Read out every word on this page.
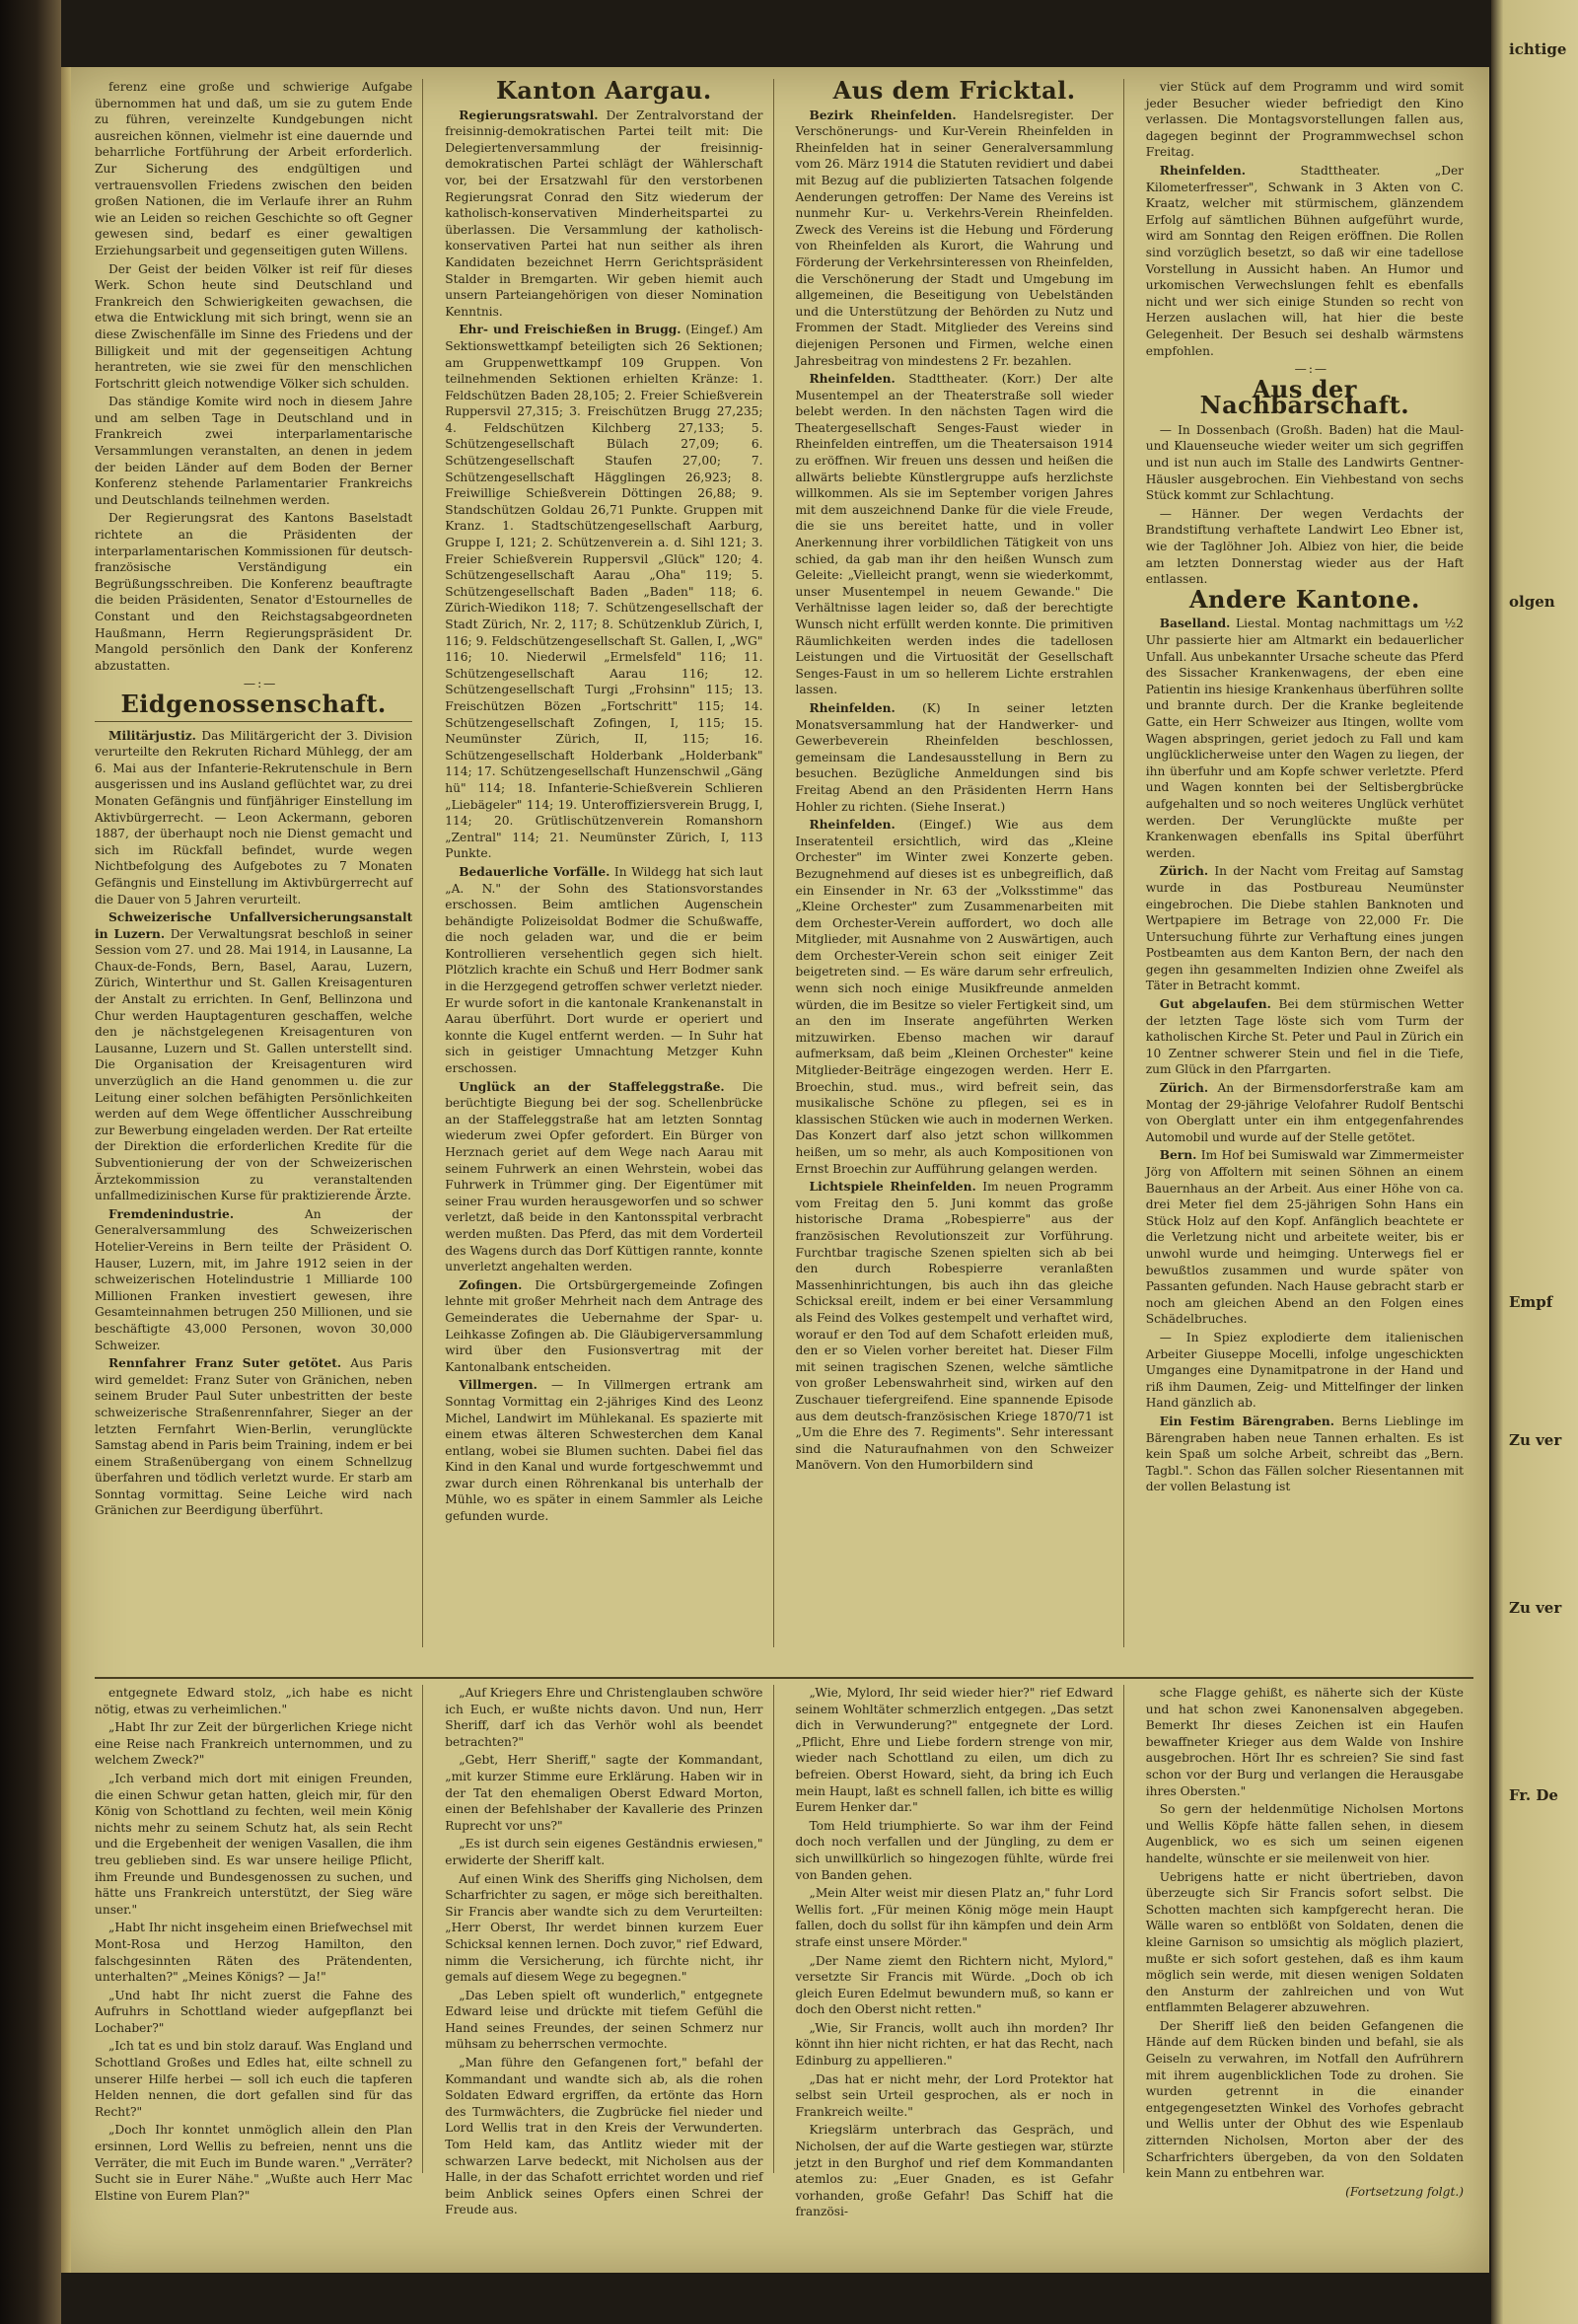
ichtige

olgen

Empf

Zu ver

Zu ver

Fr. De

ferenz eine große und schwierige Aufgabe übernommen hat und daß, um sie zu gutem Ende zu führen, vereinzelte Kundgebungen nicht ausreichen können, vielmehr ist eine dauernde und beharrliche Fortführung der Arbeit erforderlich. Zur Sicherung des endgültigen und vertrauensvollen Friedens zwischen den beiden großen Nationen, die im Verlaufe ihrer an Ruhm wie an Leiden so reichen Geschichte so oft Gegner gewesen sind, bedarf es einer gewaltigen Erziehungsarbeit und gegenseitigen guten Willens.

Der Geist der beiden Völker ist reif für dieses Werk. Schon heute sind Deutschland und Frankreich den Schwierigkeiten gewachsen, die etwa die Entwicklung mit sich bringt, wenn sie an diese Zwischenfälle im Sinne des Friedens und der Billigkeit und mit der gegenseitigen Achtung herantreten, wie sie zwei für den menschlichen Fortschritt gleich notwendige Völker sich schulden.

Das ständige Komite wird noch in diesem Jahre und am selben Tage in Deutschland und in Frankreich zwei interparlamentarische Versammlungen veranstalten, an denen in jedem der beiden Länder auf dem Boden der Berner Konferenz stehende Parlamentarier Frankreichs und Deutschlands teilnehmen werden.

Der Regierungsrat des Kantons Baselstadt richtete an die Präsidenten der interparlamentarischen Kommissionen für deutsch-französische Verständigung ein Begrüßungsschreiben. Die Konferenz beauftragte die beiden Präsidenten, Senator d'Estournelles de Constant und den Reichstagsabgeordneten Haußmann, Herrn Regierungspräsident Dr. Mangold persönlich den Dank der Konferenz abzustatten.

—:—

Eidgenossenschaft.

Militärjustiz. Das Militärgericht der 3. Division verurteilte den Rekruten Richard Mühlegg, der am 6. Mai aus der Infanterie-Rekrutenschule in Bern ausgerissen und ins Ausland geflüchtet war, zu drei Monaten Gefängnis und fünfjähriger Einstellung im Aktivbürgerrecht. — Leon Ackermann, geboren 1887, der überhaupt noch nie Dienst gemacht und sich im Rückfall befindet, wurde wegen Nichtbefolgung des Aufgebotes zu 7 Monaten Gefängnis und Einstellung im Aktivbürgerrecht auf die Dauer von 5 Jahren verurteilt.

Schweizerische Unfallversicherungsanstalt in Luzern. Der Verwaltungsrat beschloß in seiner Session vom 27. und 28. Mai 1914, in Lausanne, La Chaux-de-Fonds, Bern, Basel, Aarau, Luzern, Zürich, Winterthur und St. Gallen Kreisagenturen der Anstalt zu errichten. In Genf, Bellinzona und Chur werden Hauptagenturen geschaffen, welche den je nächstgelegenen Kreisagenturen von Lausanne, Luzern und St. Gallen unterstellt sind. Die Organisation der Kreisagenturen wird unverzüglich an die Hand genommen u. die zur Leitung einer solchen befähigten Persönlichkeiten werden auf dem Wege öffentlicher Ausschreibung zur Bewerbung eingeladen werden. Der Rat erteilte der Direktion die erforderlichen Kredite für die Subventionierung der von der Schweizerischen Ärztekommission zu veranstaltenden unfallmedizinischen Kurse für praktizierende Ärzte.

Fremdenindustrie.	An der Generalversammlung des Schweizerischen Hotelier-Vereins in Bern teilte der Präsident O. Hauser, Luzern, mit, im Jahre 1912 seien in der schweizerischen Hotelindustrie 1 Milliarde 100 Millionen Franken investiert gewesen, ihre Gesamteinnahmen betrugen 250 Millionen, und sie beschäftigte 43,000 Personen, wovon 30,000 Schweizer.

Rennfahrer Franz Suter getötet. Aus Paris wird gemeldet: Franz Suter von Gränichen, neben seinem Bruder Paul Suter unbestritten der beste schweizerische Straßenrennfahrer, Sieger an der letzten Fernfahrt Wien-Berlin, verunglückte Samstag abend in Paris beim Training, indem er bei einem Straßenübergang von einem Schnellzug überfahren und tödlich verletzt wurde. Er starb am Sonntag vormittag. Seine Leiche wird nach Gränichen zur Beerdigung überführt.

Kanton Aargau.

Regierungsratswahl. Der Zentralvorstand der freisinnig-demokratischen Partei teilt mit: Die Delegiertenversammlung der freisinnig-demokratischen Partei schlägt der Wählerschaft vor, bei der Ersatzwahl für den verstorbenen Regierungsrat Conrad den Sitz wiederum der katholisch-konservativen Minderheitspartei zu überlassen. Die Versammlung der katholisch-konservativen Partei hat nun seither als ihren Kandidaten bezeichnet Herrn Gerichtspräsident Stalder in Bremgarten. Wir geben hiemit auch unsern Parteiangehörigen von dieser Nomination Kenntnis.

Ehr- und Freischießen in Brugg. (Eingef.) Am Sektionswettkampf beteiligten sich 26 Sektionen; am Gruppenwettkampf 109 Gruppen. Von teilnehmenden Sektionen erhielten Kränze: 1. Feldschützen Baden 28,105; 2. Freier Schießverein Ruppersvil 27,315; 3. Freischützen Brugg 27,235; 4. Feldschützen Kilchberg 27,133; 5. Schützengesellschaft Bülach 27,09; 6. Schützengesellschaft Staufen 27,00; 7. Schützengesellschaft Hägglingen 26,923; 8. Freiwillige Schießverein Döttingen 26,88; 9. Standschützen Goldau 26,71 Punkte. Gruppen mit Kranz. 1. Stadtschützengesellschaft Aarburg, Gruppe I, 121; 2. Schützenverein a. d. Sihl 121; 3. Freier Schießverein Ruppersvil „Glück" 120; 4. Schützengesellschaft Aarau „Oha" 119; 5. Schützengesellschaft Baden „Baden" 118; 6. Zürich-Wiedikon 118; 7. Schützengesellschaft der Stadt Zürich, Nr. 2, 117; 8. Schützenklub Zürich, I, 116; 9. Feldschützengesellschaft St. Gallen, I, „WG" 116; 10. Niederwil „Ermelsfeld" 116; 11. Schützengesellschaft Aarau 116; 12. Schützengesellschaft Turgi „Frohsinn" 115; 13. Freischützen Bözen „Fortschritt" 115; 14. Schützengesellschaft Zofingen, I, 115; 15. Neumünster Zürich, II, 115; 16. Schützengesellschaft Holderbank „Holderbank" 114; 17. Schützengesellschaft Hunzenschwil „Gäng hü" 114; 18. Infanterie-Schießverein Schlieren „Liebägeler" 114; 19. Unteroffiziersverein Brugg, I, 114; 20. Grütlischützenverein Romanshorn „Zentral" 114; 21. Neumünster Zürich, I, 113 Punkte.

Bedauerliche Vorfälle. In Wildegg hat sich laut „A. N." der Sohn des Stationsvorstandes erschossen. Beim amtlichen Augenschein behändigte Polizeisoldat Bodmer die Schußwaffe, die noch geladen war, und die er beim Kontrollieren versehentlich gegen sich hielt. Plötzlich krachte ein Schuß und Herr Bodmer sank in die Herzgegend getroffen schwer verletzt nieder. Er wurde sofort in die kantonale Krankenanstalt in Aarau überführt. Dort wurde er operiert und konnte die Kugel entfernt werden. — In Suhr hat sich in geistiger Umnachtung Metzger Kuhn erschossen.

Unglück an der Staffeleggstraße. Die berüchtigte Biegung bei der sog. Schellenbrücke an der Staffeleggstraße hat am letzten Sonntag wiederum zwei Opfer gefordert. Ein Bürger von Herznach geriet auf dem Wege nach Aarau mit seinem Fuhrwerk an einen Wehrstein, wobei das Fuhrwerk in Trümmer ging. Der Eigentümer mit seiner Frau wurden herausgeworfen und so schwer verletzt, daß beide in den Kantonsspital verbracht werden mußten. Das Pferd, das mit dem Vorderteil des Wagens durch das Dorf Küttigen rannte, konnte unverletzt angehalten werden.

Zofingen. Die Ortsbürgergemeinde Zofingen lehnte mit großer Mehrheit nach dem Antrage des Gemeinderates die Uebernahme der Spar- u. Leihkasse Zofingen ab. Die Gläubigerversammlung wird über den Fusionsvertrag mit der Kantonalbank entscheiden.

Villmergen. — In Villmergen ertrank am Sonntag Vormittag ein 2-jähriges Kind des Leonz Michel, Landwirt im Mühlekanal. Es spazierte mit einem etwas älteren Schwesterchen dem Kanal entlang, wobei sie Blumen suchten. Dabei fiel das Kind in den Kanal und wurde fortgeschwemmt und zwar durch einen Röhrenkanal bis unterhalb der Mühle, wo es später in einem Sammler als Leiche gefunden wurde.

Aus dem Fricktal.

Bezirk Rheinfelden. Handelsregister. Der Verschönerungs- und Kur-Verein Rheinfelden in Rheinfelden hat in seiner Generalversammlung vom 26. März 1914 die Statuten revidiert und dabei mit Bezug auf die publizierten Tatsachen folgende Aenderungen getroffen: Der Name des Vereins ist nunmehr Kur- u. Verkehrs-Verein Rheinfelden. Zweck des Vereins ist die Hebung und Förderung von Rheinfelden als Kurort, die Wahrung und Förderung der Verkehrsinteressen von Rheinfelden, die Verschönerung der Stadt und Umgebung im allgemeinen, die Beseitigung von Uebelständen und die Unterstützung der Behörden zu Nutz und Frommen der Stadt. Mitglieder des Vereins sind diejenigen Personen und Firmen, welche einen Jahresbeitrag von mindestens 2 Fr. bezahlen.

Rheinfelden. Stadttheater. (Korr.) Der alte Musentempel an der Theaterstraße soll wieder belebt werden. In den nächsten Tagen wird die Theatergesellschaft Senges-Faust wieder in Rheinfelden eintreffen, um die Theatersaison 1914 zu eröffnen. Wir freuen uns dessen und heißen die allwärts beliebte Künstlergruppe aufs herzlichste willkommen. Als sie im September vorigen Jahres mit dem auszeichnend Danke für die viele Freude, die sie uns bereitet hatte, und in voller Anerkennung ihrer vorbildlichen Tätigkeit von uns schied, da gab man ihr den heißen Wunsch zum Geleite: „Vielleicht prangt, wenn sie wiederkommt, unser Musentempel in neuem Gewande." Die Verhältnisse lagen leider so, daß der berechtigte Wunsch nicht erfüllt werden konnte. Die primitiven Räumlichkeiten werden indes die tadellosen Leistungen und die Virtuosität der Gesellschaft Senges-Faust in um so hellerem Lichte erstrahlen lassen.

Rheinfelden. (K) In seiner letzten Monatsversammlung hat der Handwerker- und Gewerbeverein Rheinfelden beschlossen, gemeinsam die Landesausstellung in Bern zu besuchen. Bezügliche Anmeldungen sind bis Freitag Abend an den Präsidenten Herrn Hans Hohler zu richten. (Siehe Inserat.)

Rheinfelden. (Eingef.) Wie aus dem Inseratenteil ersichtlich, wird das „Kleine Orchester" im Winter zwei Konzerte geben. Bezugnehmend auf dieses ist es unbegreiflich, daß ein Einsender in Nr. 63 der „Volksstimme" das „Kleine Orchester" zum Zusammenarbeiten mit dem Orchester-Verein auffordert, wo doch alle Mitglieder, mit Ausnahme von 2 Auswärtigen, auch dem Orchester-Verein schon seit einiger Zeit beigetreten sind. — Es wäre darum sehr erfreulich, wenn sich noch einige Musikfreunde anmelden würden, die im Besitze so vieler Fertigkeit sind, um an den im Inserate angeführten Werken mitzuwirken. Ebenso machen wir darauf aufmerksam, daß beim „Kleinen Orchester" keine Mitglieder-Beiträge eingezogen werden. Herr E. Broechin, stud. mus., wird befreit sein, das musikalische Schöne zu pflegen, sei es in klassischen Stücken wie auch in modernen Werken. Das Konzert darf also jetzt schon willkommen heißen, um so mehr, als auch Kompositionen von Ernst Broechin zur Aufführung gelangen werden.

Lichtspiele Rheinfelden. Im neuen Programm vom Freitag den 5. Juni kommt das große historische Drama „Robespierre" aus der französischen Revolutionszeit zur Vorführung. Furchtbar tragische Szenen spielten sich ab bei den durch Robespierre veranlaßten Massenhinrichtungen, bis auch ihn das gleiche Schicksal ereilt, indem er bei einer Versammlung als Feind des Volkes gestempelt und verhaftet wird, worauf er den Tod auf dem Schafott erleiden muß, den er so Vielen vorher bereitet hat. Dieser Film mit seinen tragischen Szenen, welche sämtliche von großer Lebenswahrheit sind, wirken auf den Zuschauer tiefergreifend. Eine spannende Episode aus dem deutsch-französischen Kriege 1870/71 ist „Um die Ehre des 7. Regiments". Sehr interessant sind die Naturaufnahmen von den Schweizer Manövern. Von den Humorbildern sind

vier Stück auf dem Programm und wird somit jeder Besucher wieder befriedigt den Kino verlassen. Die Montagsvorstellungen fallen aus, dagegen beginnt der Programmwechsel schon Freitag.

Rheinfelden.	Stadttheater. „Der Kilometerfresser", Schwank in 3 Akten von C. Kraatz, welcher mit stürmischem, glänzendem Erfolg auf sämtlichen Bühnen aufgeführt wurde, wird am Sonntag den Reigen eröffnen. Die Rollen sind vorzüglich besetzt, so daß wir eine tadellose Vorstellung in Aussicht haben. An Humor und urkomischen Verwechslungen fehlt es ebenfalls nicht und wer sich einige Stunden so recht von Herzen auslachen will, hat hier die beste Gelegenheit. Der Besuch sei deshalb wärmstens empfohlen.

—:—

Aus der Nachbarschaft.

— In Dossenbach (Großh. Baden) hat die Maul- und Klauenseuche wieder weiter um sich gegriffen und ist nun auch im Stalle des Landwirts Gentner-Häusler ausgebrochen. Ein Viehbestand von sechs Stück kommt zur Schlachtung.

— Hänner. Der wegen Verdachts der Brandstiftung verhaftete Landwirt Leo Ebner ist, wie der Taglöhner Joh. Albiez von hier, die beide am letzten Donnerstag wieder aus der Haft entlassen.

Andere Kantone.

Baselland. Liestal. Montag nachmittags um ½2 Uhr passierte hier am Altmarkt ein bedauerlicher Unfall. Aus unbekannter Ursache scheute das Pferd des Sissacher Krankenwagens, der eben eine Patientin ins hiesige Krankenhaus überführen sollte und brannte durch. Der die Kranke begleitende Gatte, ein Herr Schweizer aus Itingen, wollte vom Wagen abspringen, geriet jedoch zu Fall und kam unglücklicherweise unter den Wagen zu liegen, der ihn überfuhr und am Kopfe schwer verletzte. Pferd und Wagen konnten bei der Seltisbergbrücke aufgehalten und so noch weiteres Unglück verhütet werden. Der Verunglückte mußte per Krankenwagen ebenfalls ins Spital überführt werden.

Zürich. In der Nacht vom Freitag auf Samstag wurde in das Postbureau Neumünster eingebrochen. Die Diebe stahlen Banknoten und Wertpapiere im Betrage von 22,000 Fr. Die Untersuchung führte zur Verhaftung eines jungen Postbeamten aus dem Kanton Bern, der nach den gegen ihn gesammelten Indizien ohne Zweifel als Täter in Betracht kommt.

Gut abgelaufen. Bei dem stürmischen Wetter der letzten Tage löste sich vom Turm der katholischen Kirche St. Peter und Paul in Zürich ein 10 Zentner schwerer Stein und fiel in die Tiefe, zum Glück in den Pfarrgarten.

Zürich. An der Birmensdorferstraße kam am Montag der 29-jährige Velofahrer Rudolf Bentschi von Oberglatt unter ein ihm entgegenfahrendes Automobil und wurde auf der Stelle getötet.

Bern. Im Hof bei Sumiswald war Zimmermeister Jörg von Affoltern mit seinen Söhnen an einem Bauernhaus an der Arbeit. Aus einer Höhe von ca. drei Meter fiel dem 25-jährigen Sohn Hans ein Stück Holz auf den Kopf. Anfänglich beachtete er die Verletzung nicht und arbeitete weiter, bis er unwohl wurde und heimging. Unterwegs fiel er bewußtlos zusammen und wurde später von Passanten gefunden. Nach Hause gebracht starb er noch am gleichen Abend an den Folgen eines Schädelbruches.

— In Spiez explodierte dem italienischen Arbeiter Giuseppe Mocelli, infolge ungeschickten Umganges eine Dynamitpatrone in der Hand und riß ihm Daumen, Zeig- und Mittelfinger der linken Hand gänzlich ab.

Ein Festim Bärengraben. Berns Lieblinge im Bärengraben haben neue Tannen erhalten. Es ist kein Spaß um solche Arbeit, schreibt das „Bern. Tagbl.". Schon das Fällen solcher Riesentannen mit der vollen Belastung ist

entgegnete Edward stolz, „ich habe es nicht nötig, etwas zu verheimlichen."

„Habt Ihr zur Zeit der bürgerlichen Kriege nicht eine Reise nach Frankreich unternommen, und zu welchem Zweck?"

„Ich verband mich dort mit einigen Freunden, die einen Schwur getan hatten, gleich mir, für den König von Schottland zu fechten, weil mein König nichts mehr zu seinem Schutz hat, als sein Recht und die Ergebenheit der wenigen Vasallen, die ihm treu geblieben sind. Es war unsere heilige Pflicht, ihm Freunde und Bundesgenossen zu suchen, und hätte uns Frankreich unterstützt, der Sieg wäre unser."

„Habt Ihr nicht insgeheim einen Briefwechsel mit Mont-Rosa und Herzog Hamilton, den falschgesinnten Räten des Prätendenten, unterhalten?" „Meines Königs? — Ja!"

„Und habt Ihr nicht zuerst die Fahne des Aufruhrs in Schottland wieder aufgepflanzt bei Lochaber?"

„Ich tat es und bin stolz darauf. Was England und Schottland Großes und Edles hat, eilte schnell zu unserer Hilfe herbei — soll ich euch die tapferen Helden nennen, die dort gefallen sind für das Recht?"

„Doch Ihr konntet unmöglich allein den Plan ersinnen, Lord Wellis zu befreien, nennt uns die Verräter, die mit Euch im Bunde waren." „Verräter? Sucht sie in Eurer Nähe." „Wußte auch Herr Mac Elstine von Eurem Plan?"

„Auf Kriegers Ehre und Christenglauben schwöre ich Euch, er wußte nichts davon. Und nun, Herr Sheriff, darf ich das Verhör wohl als beendet betrachten?"

„Gebt, Herr Sheriff," sagte der Kommandant, „mit kurzer Stimme eure Erklärung. Haben wir in der Tat den ehemaligen Oberst Edward Morton, einen der Befehlshaber der Kavallerie des Prinzen Ruprecht vor uns?"

„Es ist durch sein eigenes Geständnis erwiesen," erwiderte der Sheriff kalt.

Auf einen Wink des Sheriffs ging Nicholsen, dem Scharfrichter zu sagen, er möge sich bereithalten. Sir Francis aber wandte sich zu dem Verurteilten: „Herr Oberst, Ihr werdet binnen kurzem Euer Schicksal kennen lernen. Doch zuvor," rief Edward, nimm die Versicherung, ich fürchte nicht, ihr gemals auf diesem Wege zu begegnen."

„Das Leben spielt oft wunderlich," entgegnete Edward leise und drückte mit tiefem Gefühl die Hand seines Freundes, der seinen Schmerz nur mühsam zu beherrschen vermochte.

„Man führe den Gefangenen fort," befahl der Kommandant und wandte sich ab, als die rohen Soldaten Edward ergriffen, da ertönte das Horn des Turmwächters, die Zugbrücke fiel nieder und Lord Wellis trat in den Kreis der Verwunderten. Tom Held kam, das Antlitz wieder mit der schwarzen Larve bedeckt, mit Nicholsen aus der Halle, in der das Schafott errichtet worden und rief beim Anblick seines Opfers einen Schrei der Freude aus.

„Wie, Mylord, Ihr seid wieder hier?" rief Edward seinem Wohltäter schmerzlich entgegen. „Das setzt dich in Verwunderung?" entgegnete der Lord. „Pflicht, Ehre und Liebe fordern strenge von mir, wieder nach Schottland zu eilen, um dich zu befreien. Oberst Howard, sieht, da bring ich Euch mein Haupt, laßt es schnell fallen, ich bitte es willig Eurem Henker dar."

Tom Held triumphierte. So war ihm der Feind doch noch verfallen und der Jüngling, zu dem er sich unwillkürlich so hingezogen fühlte, würde frei von Banden gehen.

„Mein Alter weist mir diesen Platz an," fuhr Lord Wellis fort. „Für meinen König möge mein Haupt fallen, doch du sollst für ihn kämpfen und dein Arm strafe einst unsere Mörder."

„Der Name ziemt den Richtern nicht, Mylord," versetzte Sir Francis mit Würde. „Doch ob ich gleich Euren Edelmut bewundern muß, so kann er doch den Oberst nicht retten."

„Wie, Sir Francis, wollt auch ihn morden? Ihr könnt ihn hier nicht richten, er hat das Recht, nach Edinburg zu appellieren."

„Das hat er nicht mehr, der Lord Protektor hat selbst sein Urteil gesprochen, als er noch in Frankreich weilte."

Kriegslärm unterbrach das Gespräch, und Nicholsen, der auf die Warte gestiegen war, stürzte jetzt in den Burghof und rief dem Kommandanten atemlos zu: „Euer Gnaden, es ist Gefahr vorhanden, große Gefahr! Das Schiff hat die französi-

sche Flagge gehißt, es näherte sich der Küste und hat schon zwei Kanonensalven abgegeben. Bemerkt Ihr dieses Zeichen ist ein Haufen bewaffneter Krieger aus dem Walde von Inshire ausgebrochen. Hört Ihr es schreien? Sie sind fast schon vor der Burg und verlangen die Herausgabe ihres Obersten."

So gern der heldenmütige Nicholsen Mortons und Wellis Köpfe hätte fallen sehen, in diesem Augenblick, wo es sich um seinen eigenen handelte, wünschte er sie meilenweit von hier.

Uebrigens hatte er nicht übertrieben, davon überzeugte sich Sir Francis sofort selbst. Die Schotten machten sich kampfgerecht heran. Die Wälle waren so entblößt von Soldaten, denen die kleine Garnison so umsichtig als möglich plaziert, mußte er sich sofort gestehen, daß es ihm kaum möglich sein werde, mit diesen wenigen Soldaten den Ansturm der zahlreichen und von Wut entflammten Belagerer abzuwehren.

Der Sheriff ließ den beiden Gefangenen die Hände auf dem Rücken binden und befahl, sie als Geiseln zu verwahren, im Notfall den Aufrührern mit ihrem augenblicklichen Tode zu drohen. Sie wurden getrennt in die einander entgegengesetzten Winkel des Vorhofes gebracht und Wellis unter der Obhut des wie Espenlaub zitternden Nicholsen, Morton aber der des Scharfrichters übergeben, da von den Soldaten kein Mann zu entbehren war.

(Fortsetzung folgt.)
